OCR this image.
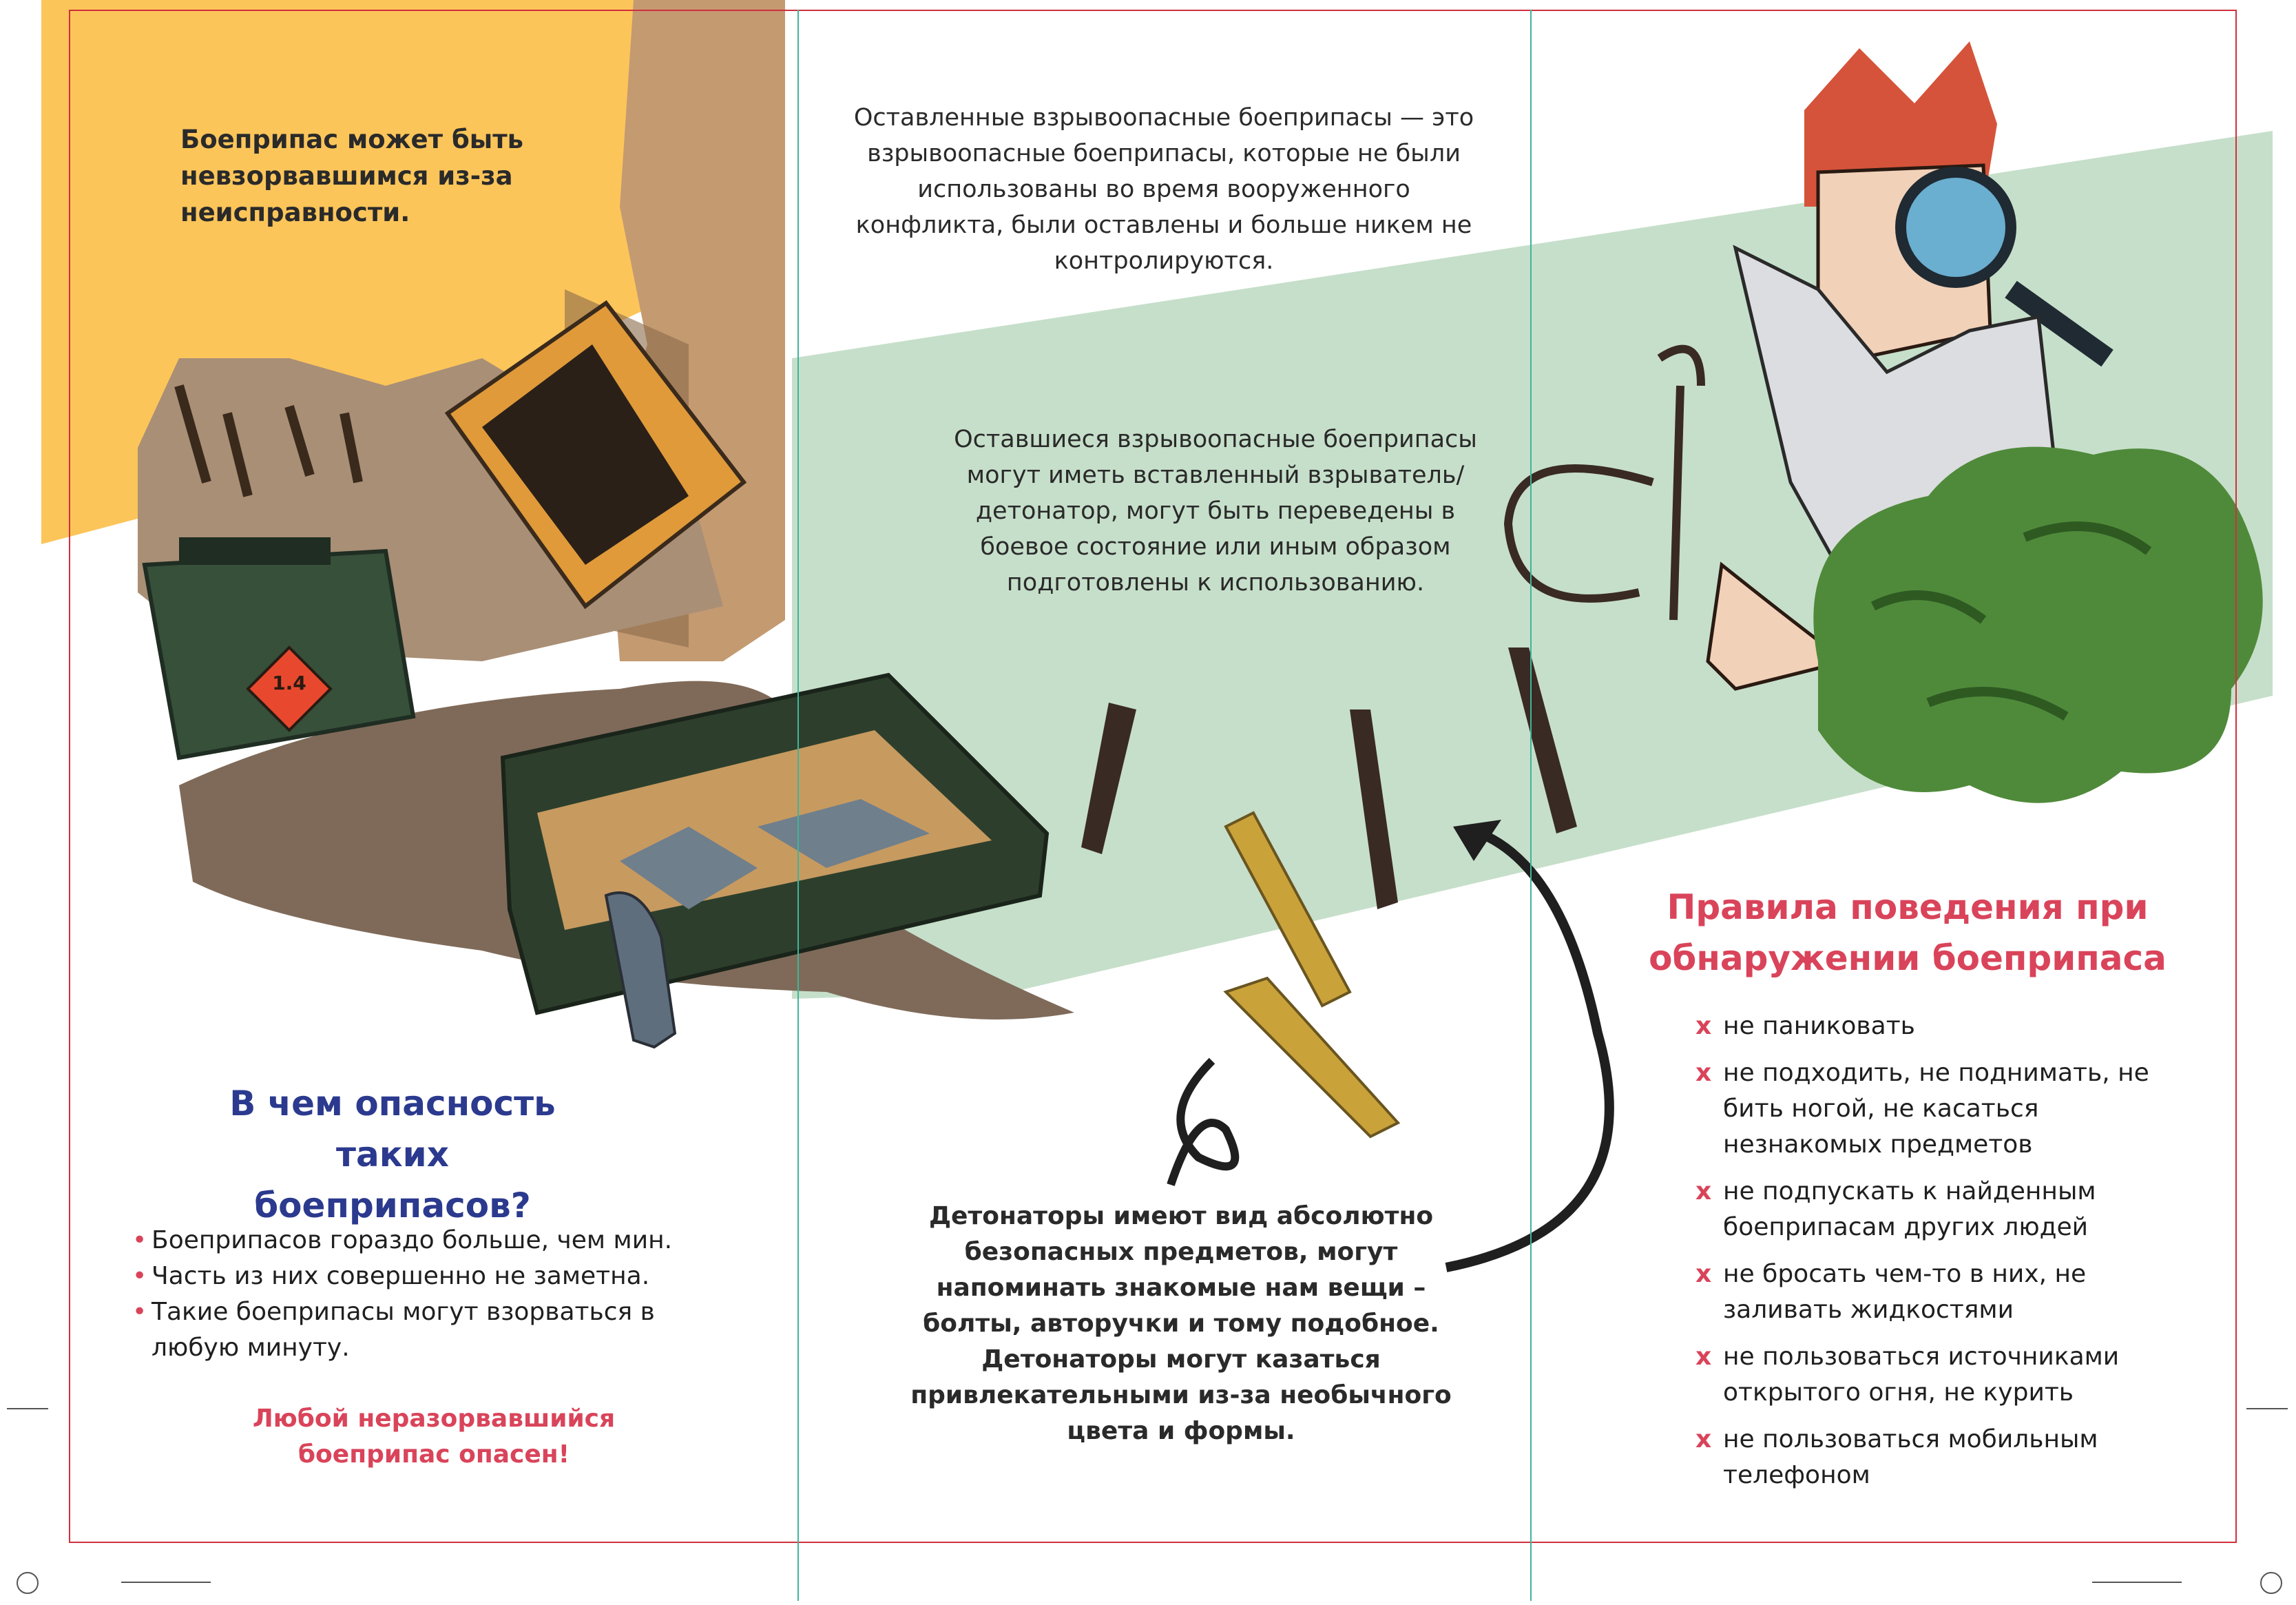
1.4

Боеприпас может быть невзорвавшимся из-за неисправности.

В чем опасность таких боеприпасов?
• Боеприпасов гораздо больше, чем мин.
• Часть из них совершенно не заметна.
• Такие боеприпасы могут взорваться в любую минуту.

Любой неразорвавшийся боеприпас опасен!

Оставленные взрывоопасные боеприпасы — это взрывоопасные боеприпасы, которые не были использованы во время вооруженного конфликта, были оставлены и больше никем не контролируются.

Оставшиеся взрывоопасные боеприпасы могут иметь вставленный взрыватель/детонатор, могут быть переведены в боевое состояние или иным образом подготовлены к использованию.

Детонаторы имеют вид абсолютно безопасных предметов, могут напоминать знакомые нам вещи – болты, авторучки и тому подобное. Детонаторы могут казаться привлекательными из-за необычного цвета и формы.

Правила поведения при обнаружении боеприпаса
x не паниковать
x не подходить, не поднимать, не бить ногой, не касаться незнакомых предметов
x не подпускать к найденным боеприпасам других людей
x не бросать чем-то в них, не заливать жидкостями
x не пользоваться источниками открытого огня, не курить
x не пользоваться мобильным телефоном
